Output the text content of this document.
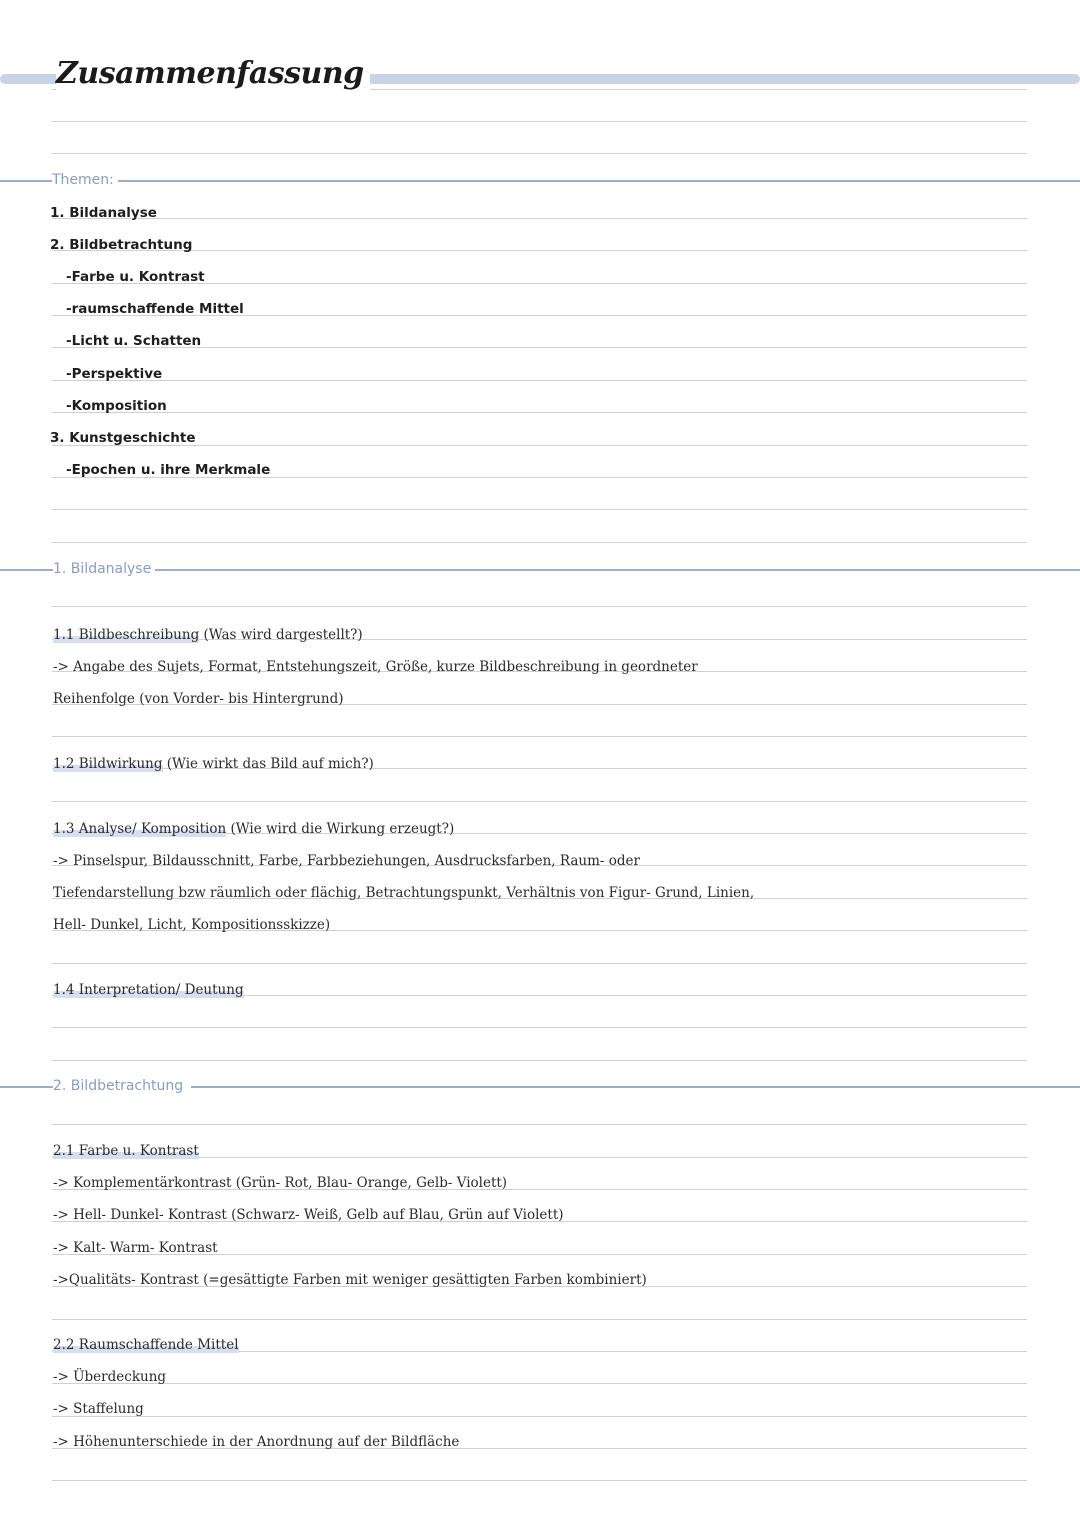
Zusammenfassung
Themen:
1. Bildanalyse
2. Bildbetrachtung
-Farbe u. Kontrast
-raumschaffende Mittel
-Licht u. Schatten
-Perspektive
-Komposition
3. Kunstgeschichte
-Epochen u. ihre Merkmale
1. Bildanalyse
1.1 Bildbeschreibung (Was wird dargestellt?)
-> Angabe des Sujets, Format, Entstehungszeit, Größe, kurze Bildbeschreibung in geordneter
Reihenfolge (von Vorder- bis Hintergrund)
1.2 Bildwirkung (Wie wirkt das Bild auf mich?)
1.3 Analyse/ Komposition (Wie wird die Wirkung erzeugt?)
-> Pinselspur, Bildausschnitt, Farbe, Farbbeziehungen, Ausdrucksfarben, Raum- oder
Tiefendarstellung bzw räumlich oder flächig, Betrachtungspunkt, Verhältnis von Figur- Grund, Linien,
Hell- Dunkel, Licht, Kompositionsskizze)
1.4 Interpretation/ Deutung
2. Bildbetrachtung
2.1 Farbe u. Kontrast
-> Komplementärkontrast (Grün- Rot, Blau- Orange, Gelb- Violett)
-> Hell- Dunkel- Kontrast (Schwarz- Weiß, Gelb auf Blau, Grün auf Violett)
-> Kalt- Warm- Kontrast
->Qualitäts- Kontrast (=gesättigte Farben mit weniger gesättigten Farben kombiniert)
2.2 Raumschaffende Mittel
-> Überdeckung
-> Staffelung
-> Höhenunterschiede in der Anordnung auf der Bildfläche
